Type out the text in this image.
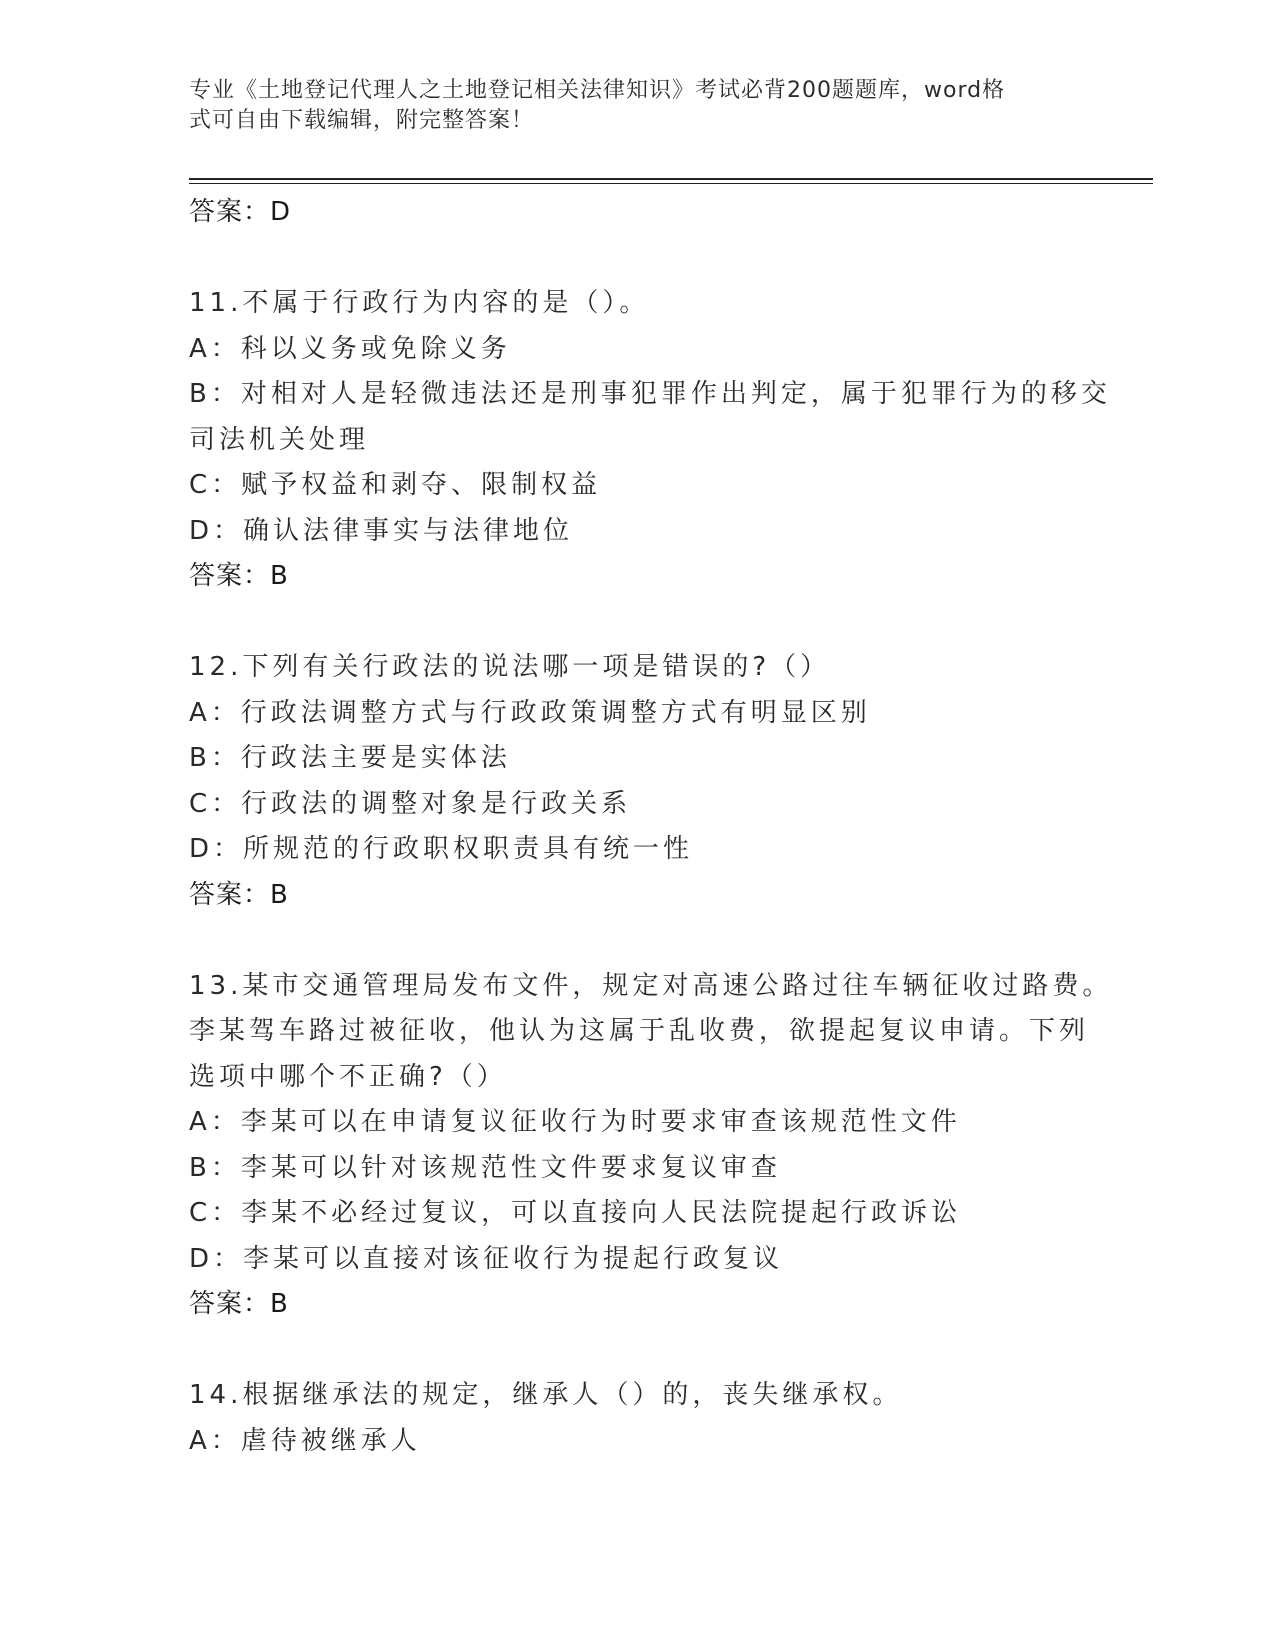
专业《土地登记代理人之土地登记相关法律知识》考试必背200题题库，word格
式可自由下载编辑，附完整答案！
答案：D
11.不属于行政行为内容的是（）。
A：科以义务或免除义务
B：对相对人是轻微违法还是刑事犯罪作出判定，属于犯罪行为的移交
司法机关处理
C：赋予权益和剥夺、限制权益
D：确认法律事实与法律地位
答案：B
12.下列有关行政法的说法哪一项是错误的?（）
A：行政法调整方式与行政政策调整方式有明显区别
B：行政法主要是实体法
C：行政法的调整对象是行政关系
D：所规范的行政职权职责具有统一性
答案：B
13.某市交通管理局发布文件，规定对高速公路过往车辆征收过路费。
李某驾车路过被征收，他认为这属于乱收费，欲提起复议申请。下列
选项中哪个不正确?（）
A：李某可以在申请复议征收行为时要求审查该规范性文件
B：李某可以针对该规范性文件要求复议审查
C：李某不必经过复议，可以直接向人民法院提起行政诉讼
D：李某可以直接对该征收行为提起行政复议
答案：B
14.根据继承法的规定，继承人（）的，丧失继承权。
A：虐待被继承人
